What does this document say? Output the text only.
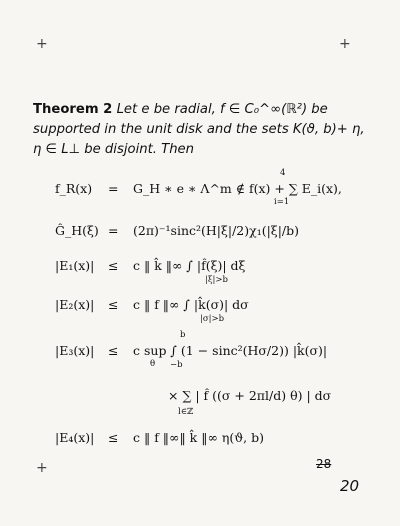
+	+
+
Theorem 2 Let e be radial, f ∈ C₀^∞(ℝ²) be supported in the unit disk and the sets K(ϑ, b)+ η, η ∈ L⊥ be disjoint. Then
f_R(x) = G_H ∗ e ∗ Λ^m ∉ f(x) + ∑ E_i(x),
4
i=1
Ĝ_H(ξ) = (2π)⁻¹sinc²(H|ξ|/2)χ₁(|ξ|/b)
|E₁(x)| ≤ c ‖ k̂ ‖∞ ∫ |f̂(ξ)| dξ
|ξ|>b
|E₂(x)| ≤ c ‖ f ‖∞ ∫ |k̂(σ)| dσ
|σ|>b
|E₃(x)| ≤ c sup ∫ (1 − sinc²(Hσ/2)) |k̂(σ)|
θ
b
−b
× ∑ | f̂ ((σ + 2πl/d) θ) | dσ
l∈ℤ
|E₄(x)| ≤ c ‖ f ‖∞‖ k̂ ‖∞ η(ϑ, b)
28
20
